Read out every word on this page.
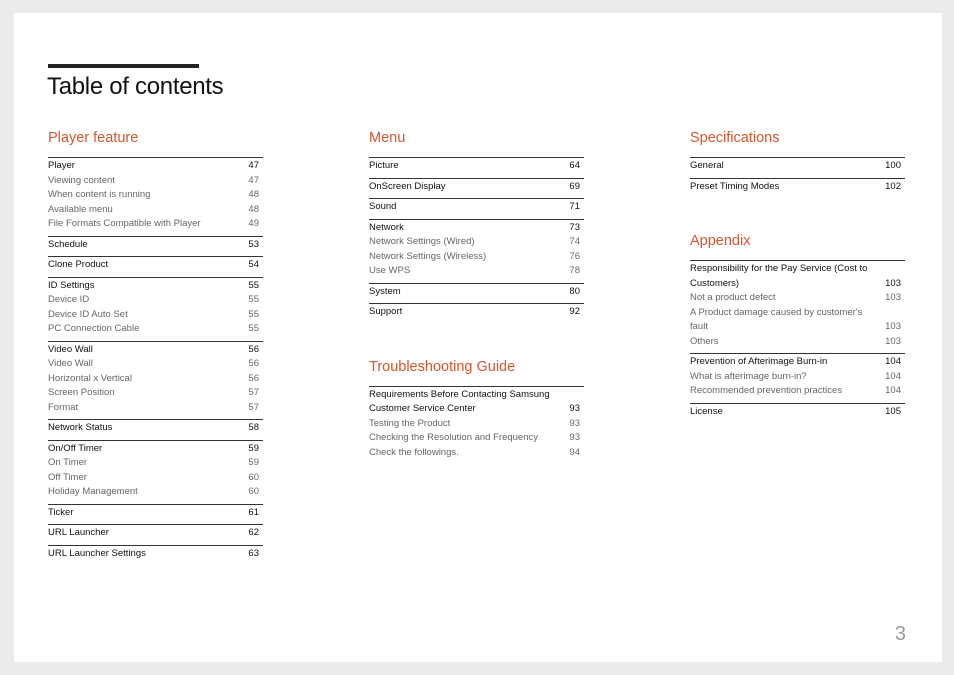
Table of contents
Player feature
Player	47
Viewing content	47
When content is running	48
Available menu	48
File Formats Compatible with Player	49
Schedule	53
Clone Product	54
ID Settings	55
Device ID	55
Device ID Auto Set	55
PC Connection Cable	55
Video Wall	56
Video Wall	56
Horizontal x Vertical	56
Screen Position	57
Format	57
Network Status	58
On/Off Timer	59
On Timer	59
Off Timer	60
Holiday Management	60
Ticker	61
URL Launcher	62
URL Launcher Settings	63
Menu
Picture	64
OnScreen Display	69
Sound	71
Network	73
Network Settings (Wired)	74
Network Settings (Wireless)	76
Use WPS	78
System	80
Support	92
Troubleshooting Guide
Requirements Before Contacting Samsung Customer Service Center	93
Testing the Product	93
Checking the Resolution and Frequency	93
Check the followings.	94
Specifications
General	100
Preset Timing Modes	102
Appendix
Responsibility for the Pay Service (Cost to Customers)	103
Not a product defect	103
A Product damage caused by customer's fault	103
Others	103
Prevention of Afterimage Burn-in	104
What is afterimage burn-in?	104
Recommended prevention practices	104
License	105
3
